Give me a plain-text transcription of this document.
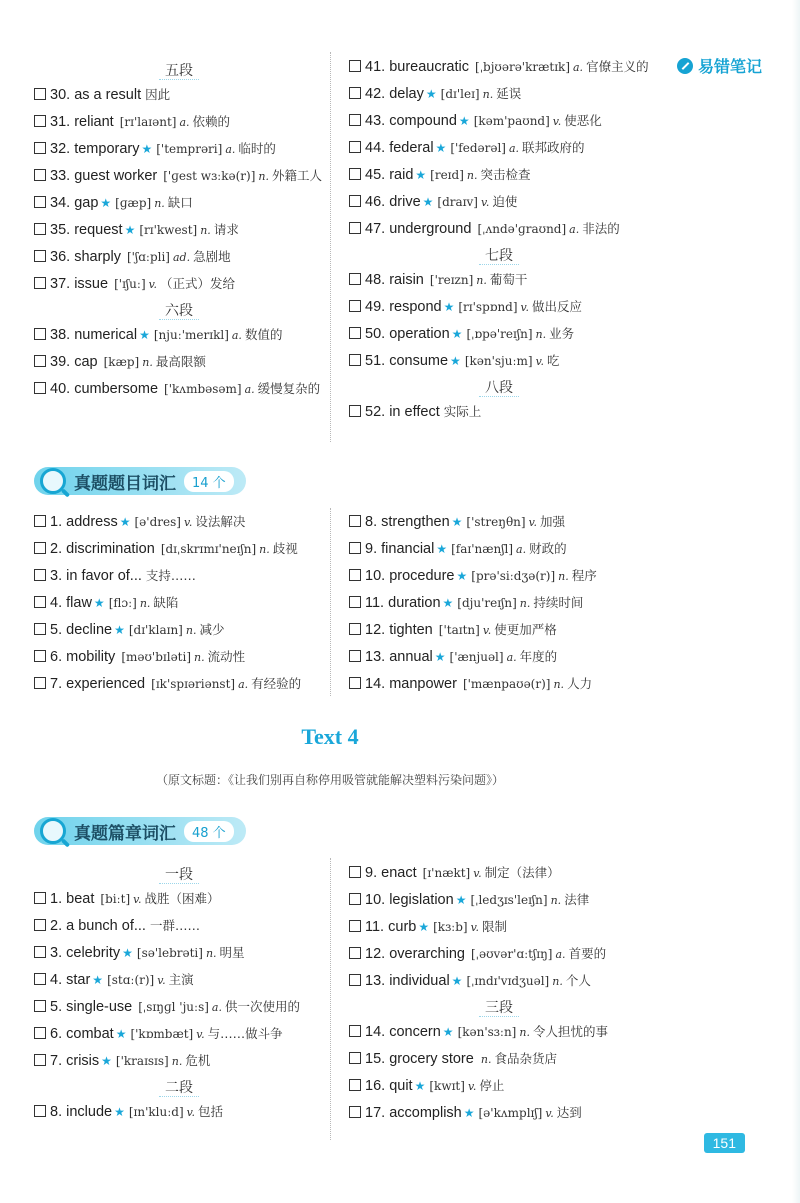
易错笔记
五段
30. as a result 因此
31. reliant [rɪ'laɪənt] a. 依赖的
32. temporary ★ ['temprəri] a. 临时的
33. guest worker ['ɡest wɜːkə(r)] n. 外籍工人
34. gap ★ [ɡæp] n. 缺口
35. request ★ [rɪ'kwest] n. 请求
36. sharply ['ʃɑːpli] ad. 急剧地
37. issue ['ɪʃuː] v. （正式）发给
六段
38. numerical ★ [njuː'merɪkl] a. 数值的
39. cap [kæp] n. 最高限额
40. cumbersome ['kʌmbəsəm] a. 缓慢复杂的
41. bureaucratic [ˌbjʊərə'krætɪk] a. 官僚主义的
42. delay ★ [dɪ'leɪ] n. 延误
43. compound ★ [kəm'paʊnd] v. 使恶化
44. federal ★ ['fedərəl] a. 联邦政府的
45. raid ★ [reɪd] n. 突击检查
46. drive ★ [draɪv] v. 迫使
47. underground [ˌʌndə'ɡraʊnd] a. 非法的
七段
48. raisin ['reɪzn] n. 葡萄干
49. respond ★ [rɪ'spɒnd] v. 做出反应
50. operation ★ [ˌɒpə'reɪʃn] n. 业务
51. consume ★ [kən'sjuːm] v. 吃
八段
52. in effect 实际上
真题题目词汇	14 个
1. address ★ [ə'dres] v. 设法解决
2. discrimination [dɪˌskrɪmɪ'neɪʃn] n. 歧视
3. in favor of... 支持……
4. flaw ★ [flɔː] n. 缺陷
5. decline ★ [dɪ'klaɪn] n. 减少
6. mobility [məʊ'bɪləti] n. 流动性
7. experienced [ɪk'spɪəriənst] a. 有经验的
8. strengthen ★ ['streŋθn] v. 加强
9. financial ★ [faɪ'nænʃl] a. 财政的
10. procedure ★ [prə'siːdʒə(r)] n. 程序
11. duration ★ [dju'reɪʃn] n. 持续时间
12. tighten ['taɪtn] v. 使更加严格
13. annual ★ ['ænjuəl] a. 年度的
14. manpower ['mænpaʊə(r)] n. 人力
Text 4
（原文标题：《让我们别再自称停用吸管就能解决塑料污染问题》）
真题篇章词汇	48 个
一段
1. beat [biːt] v. 战胜（困难）
2. a bunch of... 一群……
3. celebrity ★ [sə'lebrəti] n. 明星
4. star ★ [stɑː(r)] v. 主演
5. single-use [ˌsɪŋɡl 'juːs] a. 供一次使用的
6. combat ★ ['kɒmbæt] v. 与……做斗争
7. crisis ★ ['kraɪsɪs] n. 危机
二段
8. include ★ [ɪn'kluːd] v. 包括
9. enact [ɪ'nækt] v. 制定（法律）
10. legislation ★ [ˌledʒɪs'leɪʃn] n. 法律
11. curb ★ [kɜːb] v. 限制
12. overarching [ˌəʊvər'ɑːtʃɪŋ] a. 首要的
13. individual ★ [ˌɪndɪ'vɪdʒuəl] n. 个人
三段
14. concern ★ [kən'sɜːn] n. 令人担忧的事
15. grocery store n. 食品杂货店
16. quit ★ [kwɪt] v. 停止
17. accomplish ★ [ə'kʌmplɪʃ] v. 达到
151
